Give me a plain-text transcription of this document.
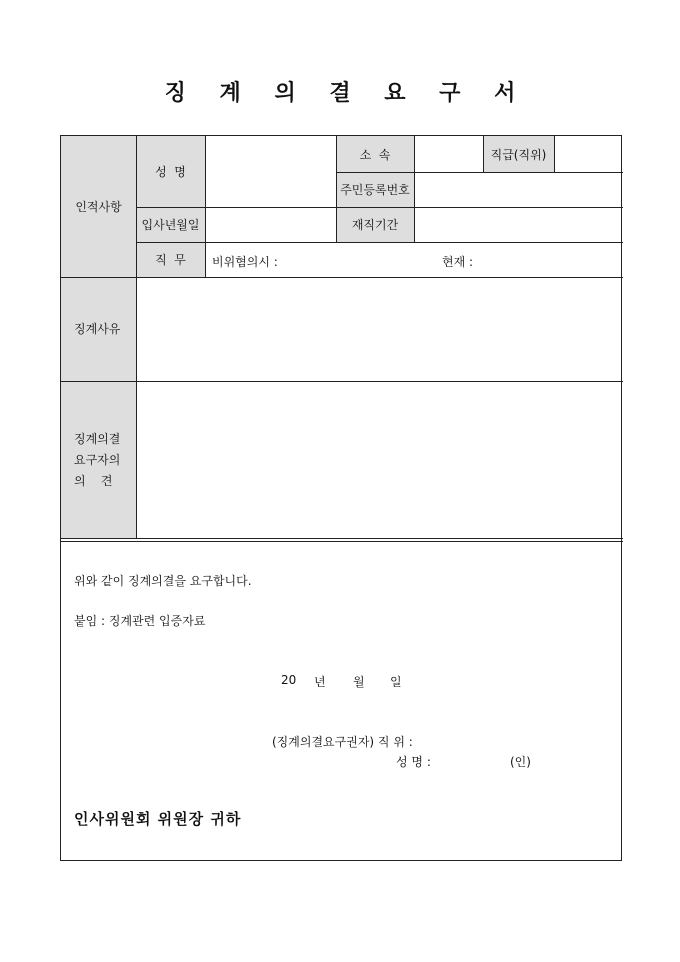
징 계 의 결 요 구 서
인적사항
성  명
입사년월일
직  무
소  속
주민등록번호
재직기간
직급(직위)
징계사유
징계의결
요구자의
의    견
비위혐의시 :	현재 :
위와 같이 징계의결을 요구합니다.
붙임 : 징계관련 입증자료
20 년 월 일
(징계의결요구권자) 직 위 :
성 명 :	(인)
인사위원회 위원장 귀하
